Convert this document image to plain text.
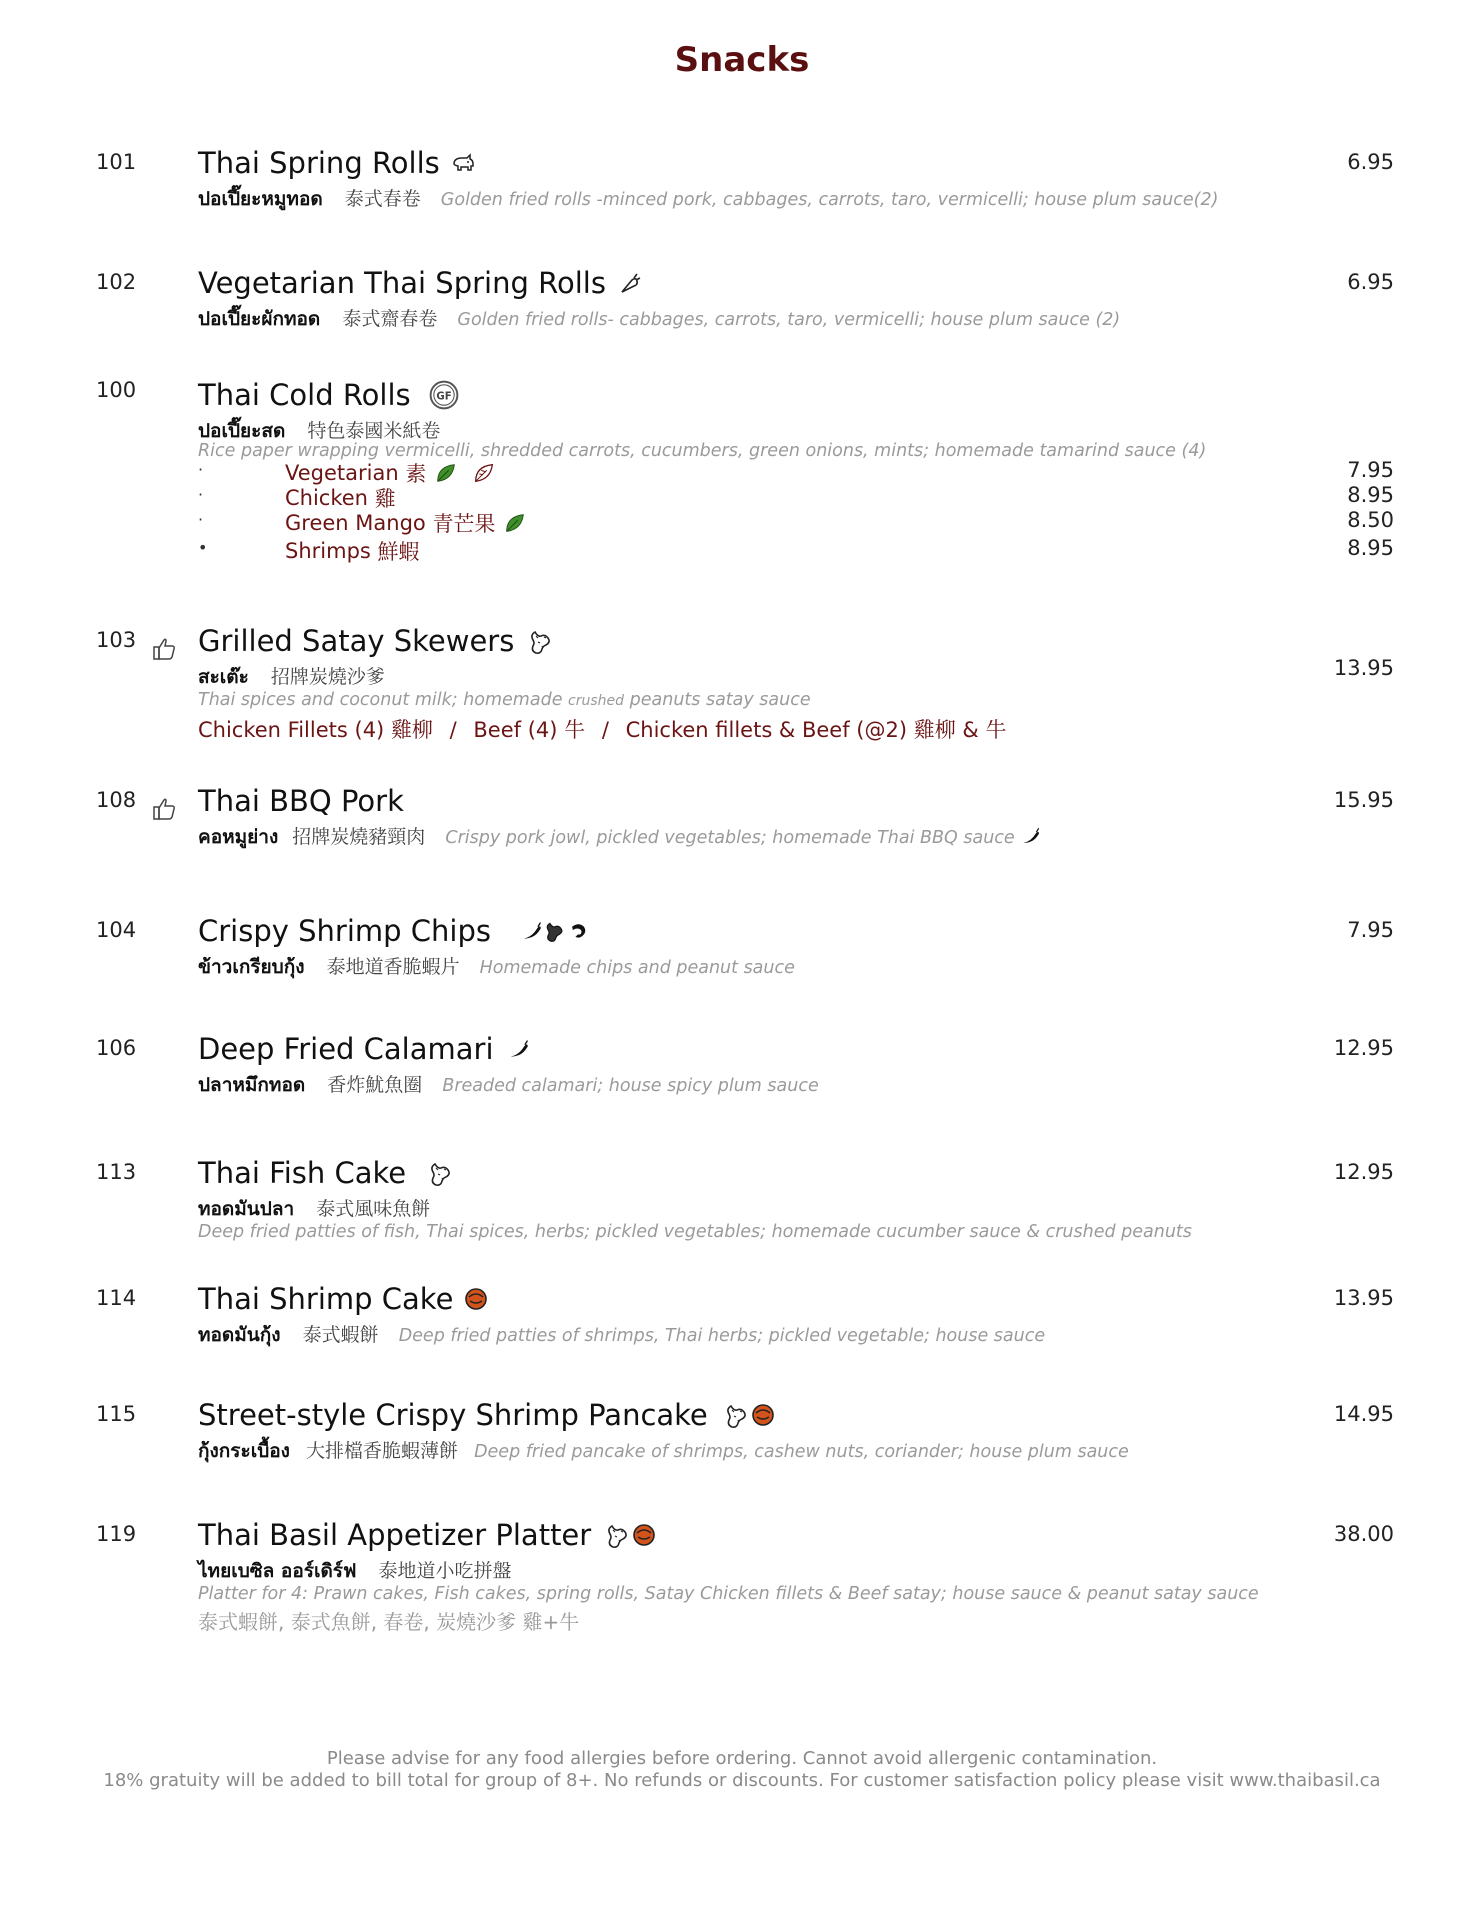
Snacks
101 Thai Spring Rolls
ปอเปี๊ยะหมูทอด 泰式春卷 Golden fried rolls -minced pork, cabbages, carrots, taro, vermicelli; house plum sauce(2)
6.95
102 Vegetarian Thai Spring Rolls
ปอเปี๊ยะผักทอด 泰式齋春卷 Golden fried rolls- cabbages, carrots, taro, vermicelli; house plum sauce (2)
6.95
100 Thai Cold Rolls	GF
ปอเปี๊ยะสด 特色泰國米紙卷
Rice paper wrapping vermicelli, shredded carrots, cucumbers, green onions, mints; homemade tamarind sauce (4)
·	Vegetarian
素	7.95
·	Chicken
雞	8.95
·	Green Mango
青芒果	8.50
•	Shrimps
鮮蝦	8.95
103 Grilled Satay Skewers
สะเต๊ะ 招牌炭燒沙爹
Thai spices and coconut milk; homemade crushed peanuts satay sauce
Chicken Fillets (4) 雞柳 / Beef (4) 牛 / Chicken fillets & Beef (@2) 雞柳 & 牛
13.95
108 Thai BBQ Pork
คอหมูย่าง 招牌炭燒豬頸肉 Crispy pork jowl, pickled vegetables; homemade Thai BBQ sauce
15.95
104 Crispy Shrimp Chips
ข้าวเกรียบกุ้ง 泰地道香脆蝦片 Homemade chips and peanut sauce
7.95
106 Deep Fried Calamari
ปลาหมึกทอด 香炸魷魚圈 Breaded calamari; house spicy plum sauce
12.95
113 Thai Fish Cake
ทอดมันปลา 泰式風味魚餅
Deep fried patties of fish, Thai spices, herbs; pickled vegetables; homemade cucumber sauce & crushed peanuts
12.95
114 Thai Shrimp Cake
ทอดมันกุ้ง 泰式蝦餅 Deep fried patties of shrimps, Thai herbs; pickled vegetable; house sauce
13.95
115 Street-style Crispy Shrimp Pancake
กุ้งกระเบื้อง 大排檔香脆蝦薄餅 Deep fried pancake of shrimps, cashew nuts, coriander; house plum sauce
14.95
119 Thai Basil Appetizer Platter
ไทยเบซิล ออร์เดิร์ฟ 泰地道小吃拼盤
Platter for 4: Prawn cakes, Fish cakes, spring rolls, Satay Chicken fillets & Beef satay; house sauce & peanut satay sauce
泰式蝦餅, 泰式魚餅, 春卷, 炭燒沙爹 雞+牛
38.00
Please advise for any food allergies before ordering. Cannot avoid allergenic contamination.
18% gratuity will be added to bill total for group of 8+. No refunds or discounts. For customer satisfaction policy please visit www.thaibasil.ca
